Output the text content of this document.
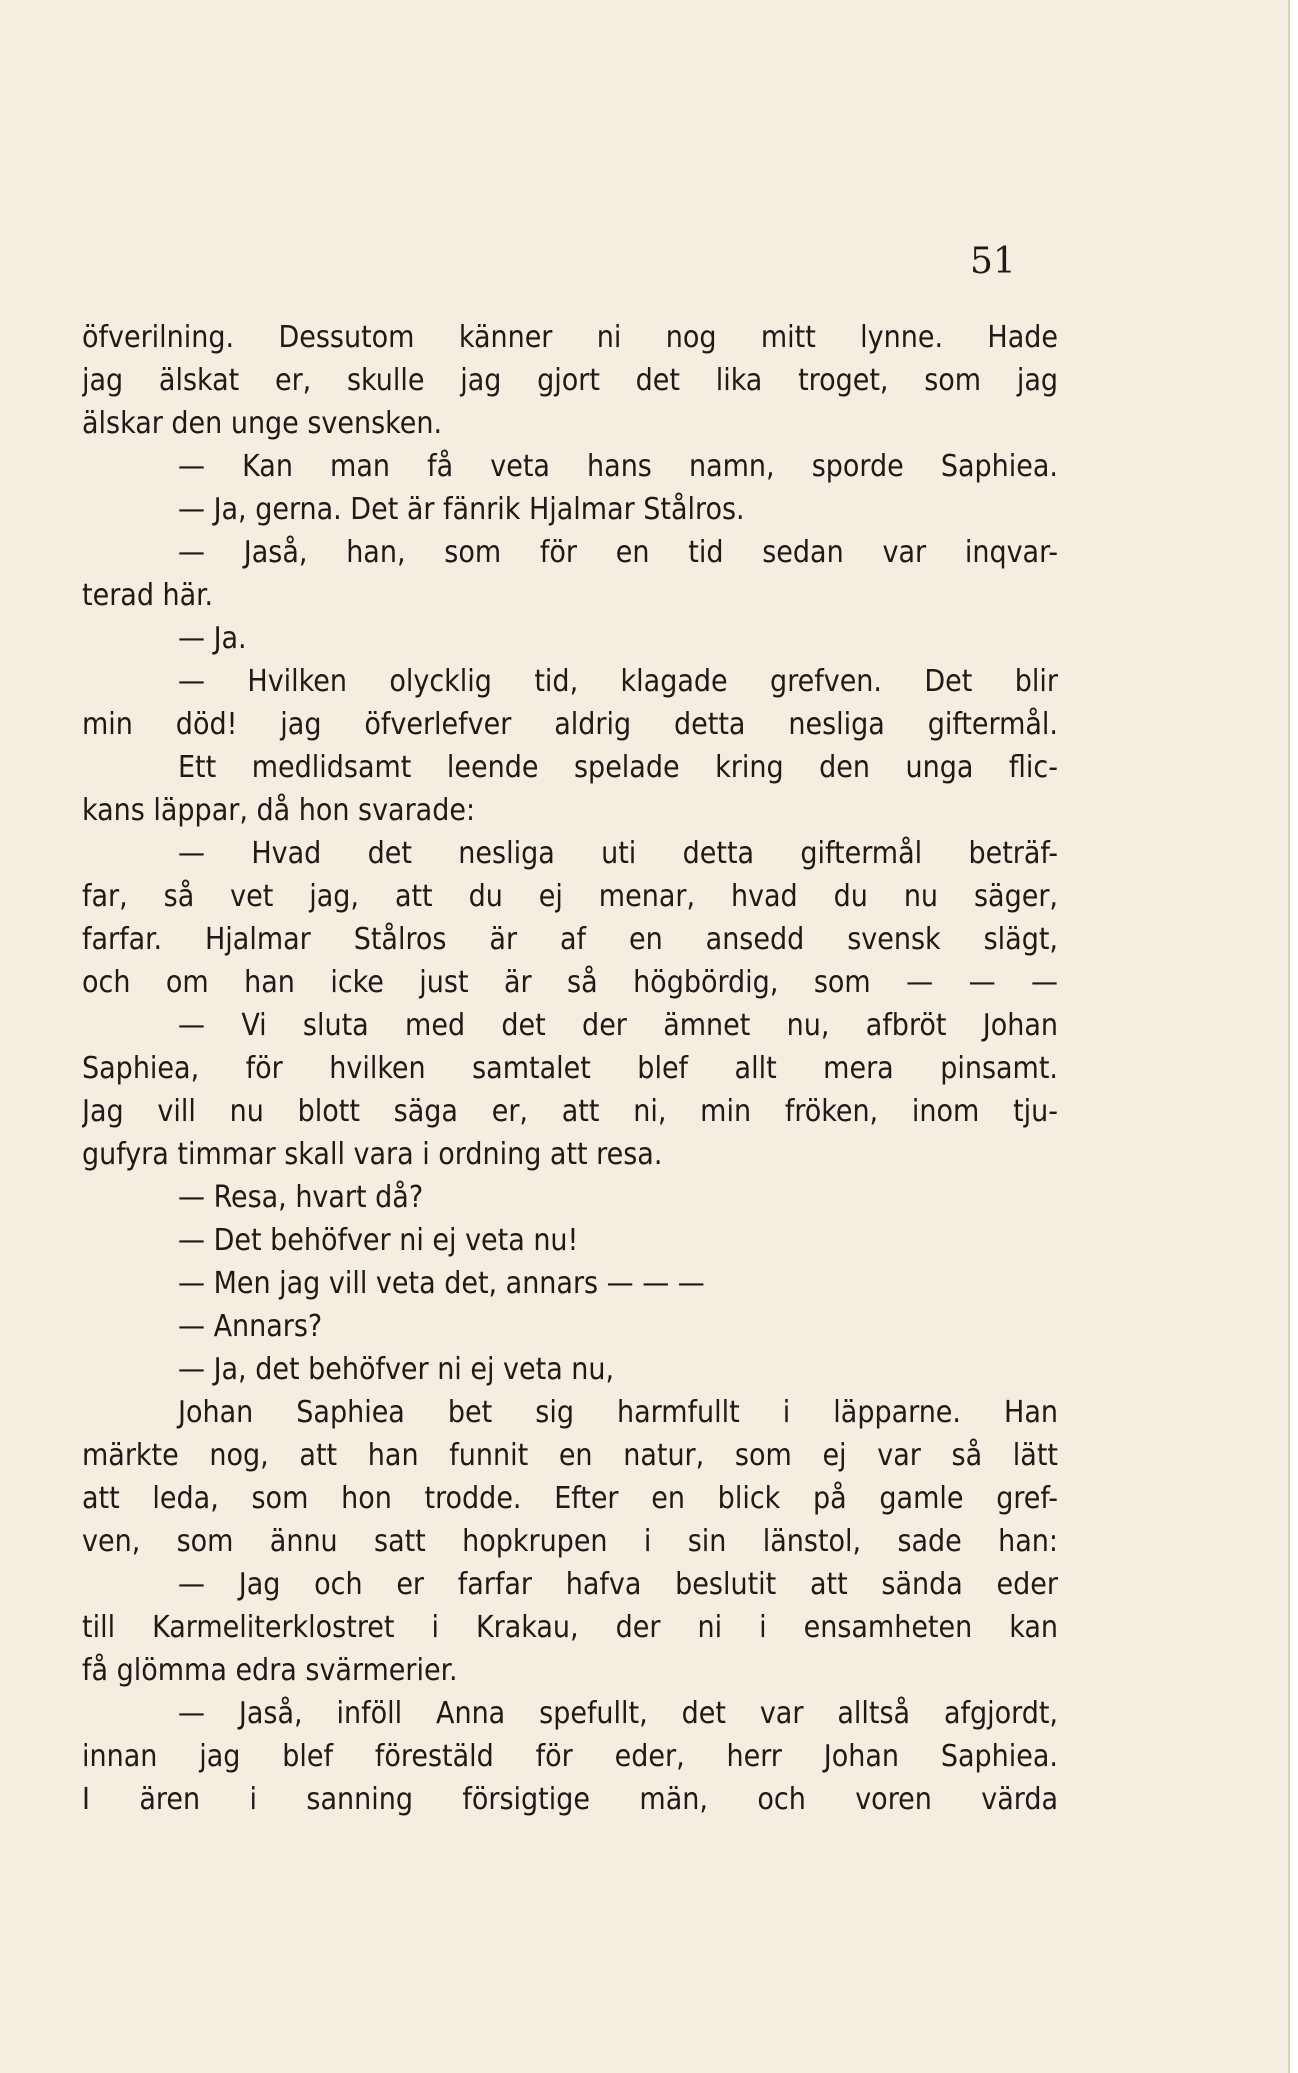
51
öfverilning. Dessutom känner ni nog mitt lynne. Hade
jag älskat er, skulle jag gjort det lika troget, som jag
älskar den unge svensken.
— Kan man få veta hans namn, sporde Saphiea.
— Ja, gerna. Det är fänrik Hjalmar Stålros.
— Jaså, han, som för en tid sedan var inqvar-
terad här.
— Ja.
— Hvilken olycklig tid, klagade grefven. Det blir
min död! jag öfverlefver aldrig detta nesliga giftermål.
Ett medlidsamt leende spelade kring den unga flic-
kans läppar, då hon svarade:
— Hvad det nesliga uti detta giftermål beträf-
far, så vet jag, att du ej menar, hvad du nu säger,
farfar. Hjalmar Stålros är af en ansedd svensk slägt,
och om han icke just är så högbördig, som — — —
— Vi sluta med det der ämnet nu, afbröt Johan
Saphiea, för hvilken samtalet blef allt mera pinsamt.
Jag vill nu blott säga er, att ni, min fröken, inom tju-
gufyra timmar skall vara i ordning att resa.
— Resa, hvart då?
— Det behöfver ni ej veta nu!
— Men jag vill veta det, annars — — —
— Annars?
— Ja, det behöfver ni ej veta nu,
Johan Saphiea bet sig harmfullt i läpparne. Han
märkte nog, att han funnit en natur, som ej var så lätt
att leda, som hon trodde. Efter en blick på gamle gref-
ven, som ännu satt hopkrupen i sin länstol, sade han:
— Jag och er farfar hafva beslutit att sända eder
till Karmeliterklostret i Krakau, der ni i ensamheten kan
få glömma edra svärmerier.
— Jaså, inföll Anna spefullt, det var alltså afgjordt,
innan jag blef förestäld för eder, herr Johan Saphiea.
I ären i sanning försigtige män, och voren värda
